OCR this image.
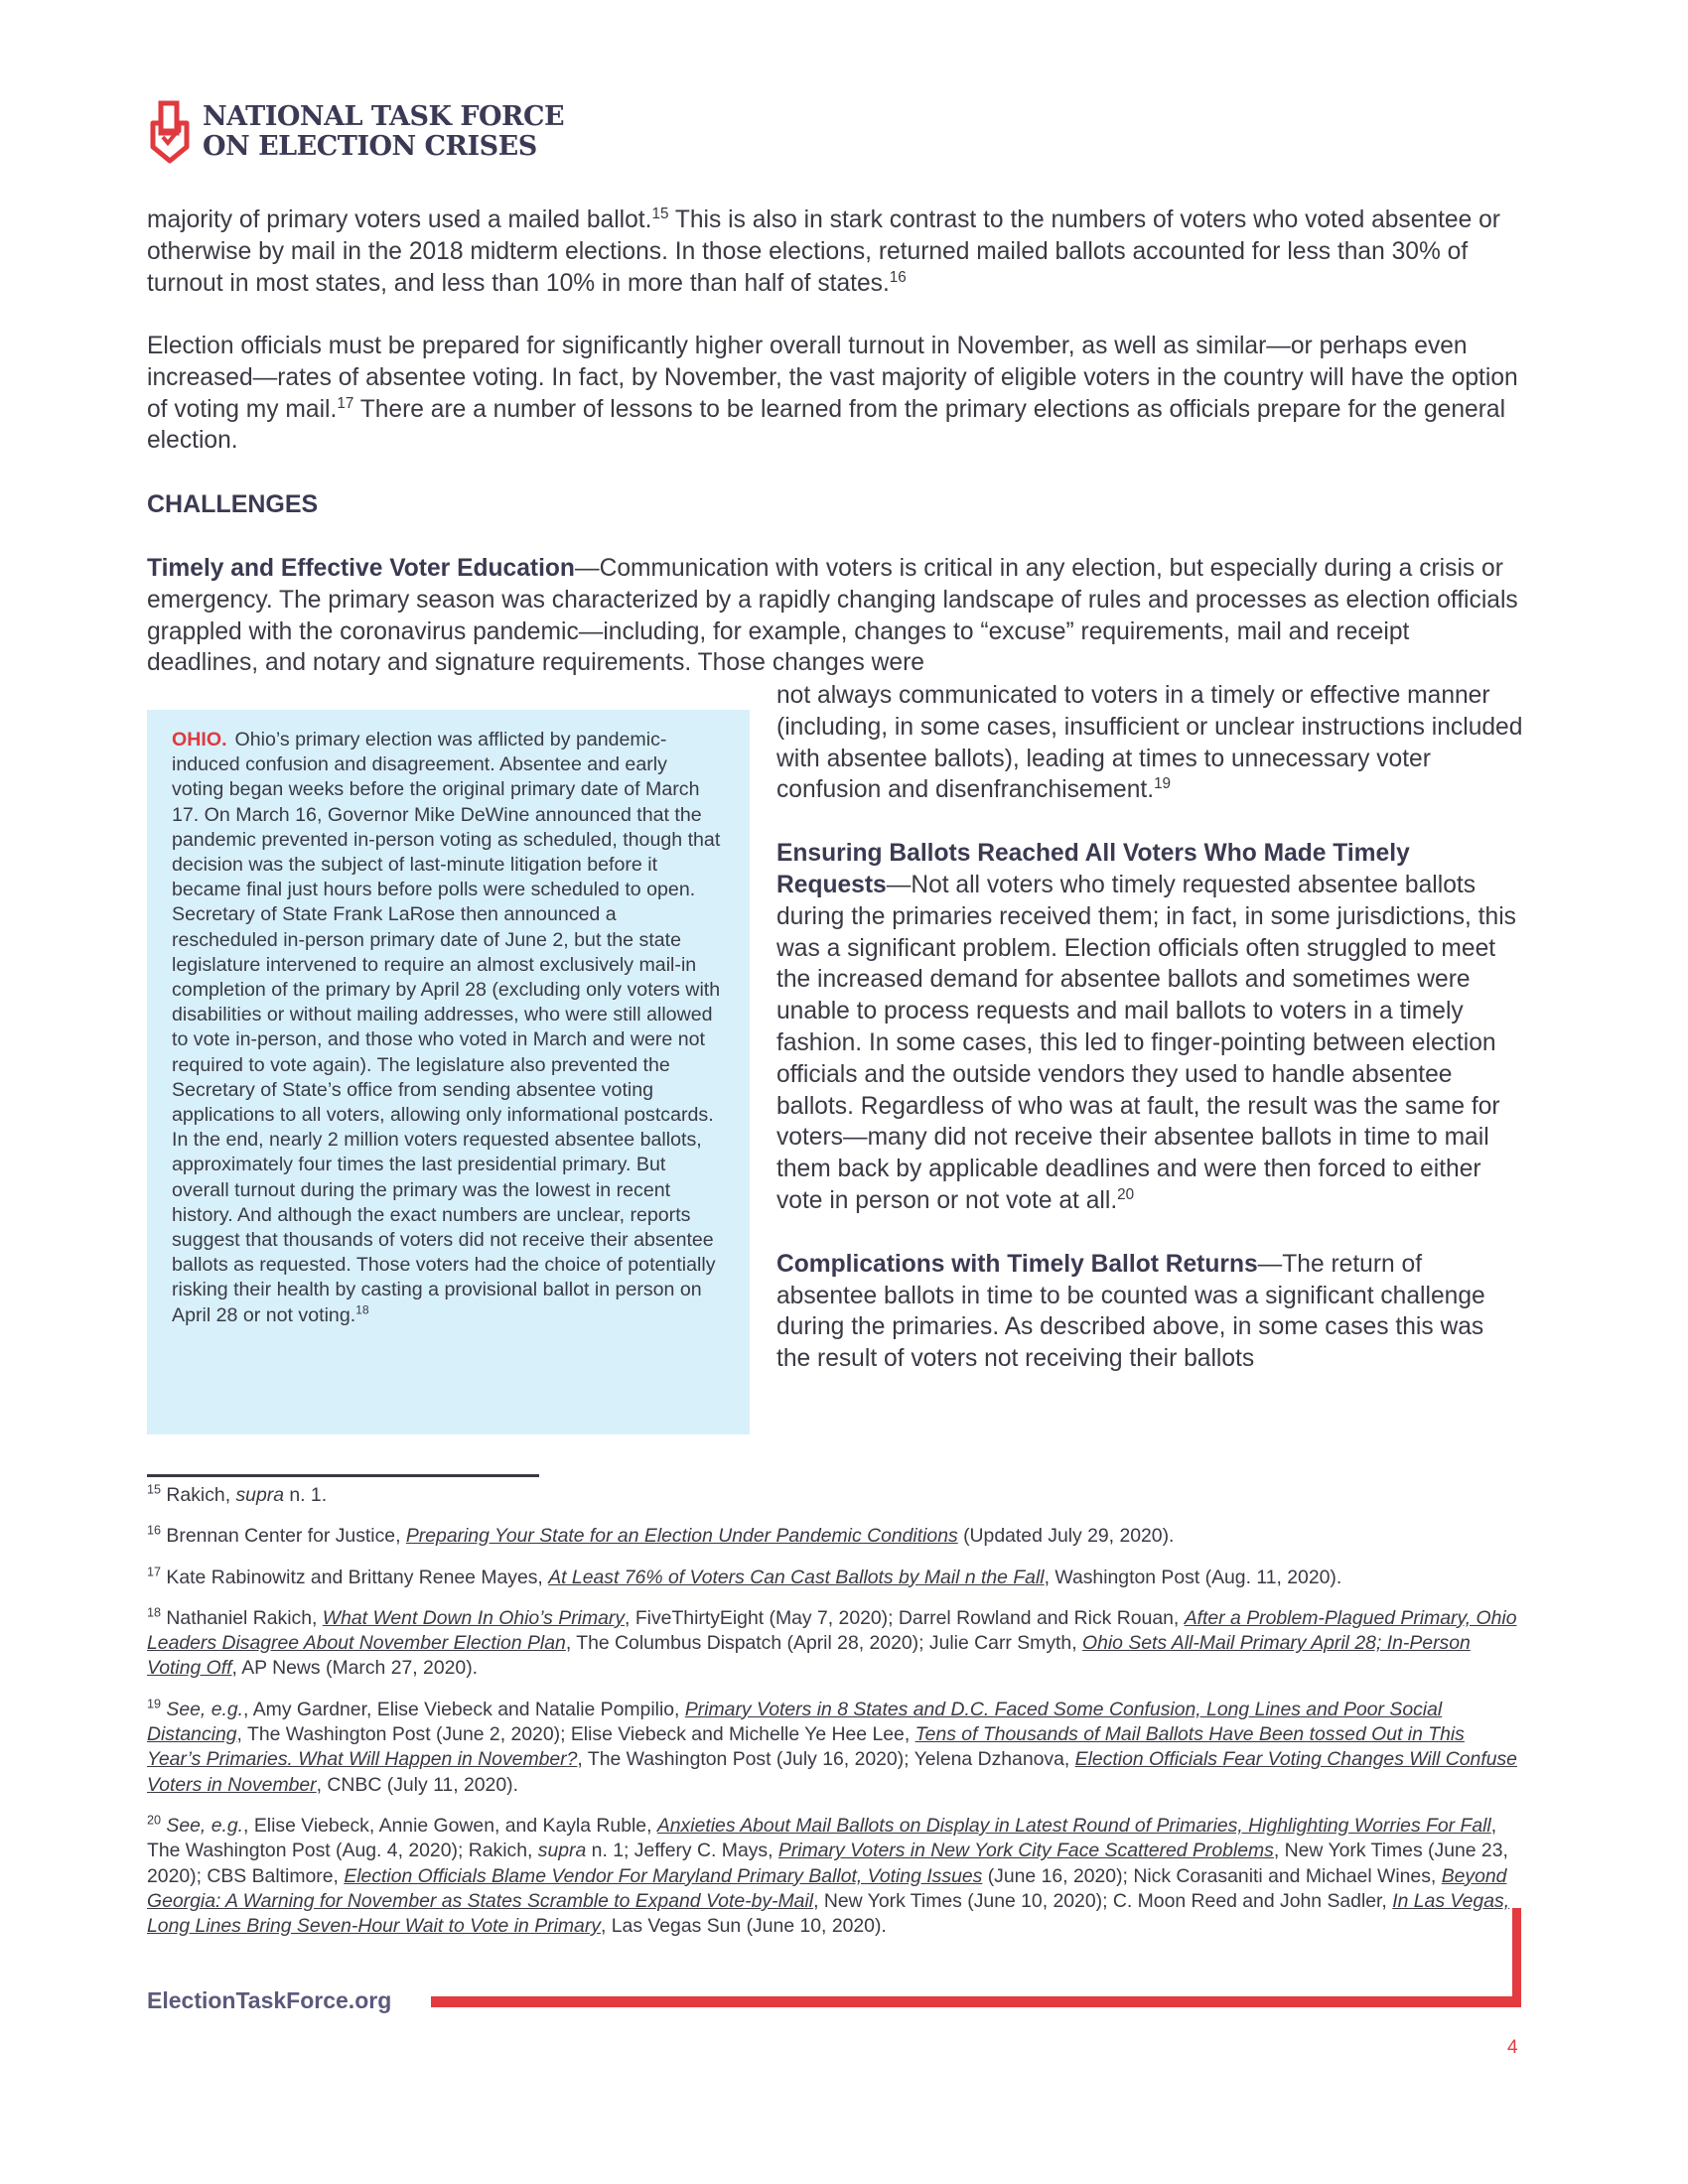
NATIONAL TASK FORCE
ON ELECTION CRISES

majority of primary voters used a mailed ballot.$^{15}$ This is also in stark contrast to the numbers of voters who voted absentee or otherwise by mail in the 2018 midterm elections. In those elections, returned mailed ballots accounted for less than 30% of turnout in most states, and less than 10% in more than half of states.$^{16}$

Election officials must be prepared for significantly higher overall turnout in November, as well as similar—or perhaps even increased—rates of absentee voting. In fact, by November, the vast majority of eligible voters in the country will have the option of voting my mail.$^{17}$ There are a number of lessons to be learned from the primary elections as officials prepare for the general election.

CHALLENGES

Timely and Effective Voter Education—Communication with voters is critical in any election, but especially during a crisis or emergency. The primary season was characterized by a rapidly changing landscape of rules and processes as election officials grappled with the coronavirus pandemic—including, for example, changes to “excuse” requirements, mail and receipt deadlines, and notary and signature requirements. Those changes were

OHIO. Ohio’s primary election was afflicted by pandemic-induced confusion and disagreement. Absentee and early voting began weeks before the original primary date of March 17. On March 16, Governor Mike DeWine announced that the pandemic prevented in-person voting as scheduled, though that decision was the subject of last-minute litigation before it became final just hours before polls were scheduled to open. Secretary of State Frank LaRose then announced a rescheduled in-person primary date of June 2, but the state legislature intervened to require an almost exclusively mail-in completion of the primary by April 28 (excluding only voters with disabilities or without mailing addresses, who were still allowed to vote in-person, and those who voted in March and were not required to vote again). The legislature also prevented the Secretary of State’s office from sending absentee voting applications to all voters, allowing only informational postcards. In the end, nearly 2 million voters requested absentee ballots, approximately four times the last presidential primary. But overall turnout during the primary was the lowest in recent history. And although the exact numbers are unclear, reports suggest that thousands of voters did not receive their absentee ballots as requested. Those voters had the choice of potentially risking their health by casting a provisional ballot in person on April 28 or not voting.$^{18}$

not always communicated to voters in a timely or effective manner (including, in some cases, insufficient or unclear instructions included with absentee ballots), leading at times to unnecessary voter confusion and disenfranchisement.$^{19}$

Ensuring Ballots Reached All Voters Who Made Timely Requests—Not all voters who timely requested absentee ballots during the primaries received them; in fact, in some jurisdictions, this was a significant problem. Election officials often struggled to meet the increased demand for absentee ballots and sometimes were unable to process requests and mail ballots to voters in a timely fashion. In some cases, this led to finger-pointing between election officials and the outside vendors they used to handle absentee ballots. Regardless of who was at fault, the result was the same for voters—many did not receive their absentee ballots in time to mail them back by applicable deadlines and were then forced to either vote in person or not vote at all.$^{20}$

Complications with Timely Ballot Returns—The return of absentee ballots in time to be counted was a significant challenge during the primaries. As described above, in some cases this was the result of voters not receiving their ballots

$^{15}$ Rakich, supra n. 1.

$^{16}$ Brennan Center for Justice, Preparing Your State for an Election Under Pandemic Conditions (Updated July 29, 2020).

$^{17}$ Kate Rabinowitz and Brittany Renee Mayes, At Least 76% of Voters Can Cast Ballots by Mail n the Fall, Washington Post (Aug. 11, 2020).

$^{18}$ Nathaniel Rakich, What Went Down In Ohio’s Primary, FiveThirtyEight (May 7, 2020); Darrel Rowland and Rick Rouan, After a Problem-Plagued Primary, Ohio Leaders Disagree About November Election Plan, The Columbus Dispatch (April 28, 2020); Julie Carr Smyth, Ohio Sets All-Mail Primary April 28; In-Person Voting Off, AP News (March 27, 2020).

$^{19}$ See, e.g., Amy Gardner, Elise Viebeck and Natalie Pompilio, Primary Voters in 8 States and D.C. Faced Some Confusion, Long Lines and Poor Social Distancing, The Washington Post (June 2, 2020); Elise Viebeck and Michelle Ye Hee Lee, Tens of Thousands of Mail Ballots Have Been tossed Out in This Year’s Primaries. What Will Happen in November?, The Washington Post (July 16, 2020); Yelena Dzhanova, Election Officials Fear Voting Changes Will Confuse Voters in November, CNBC (July 11, 2020).

$^{20}$ See, e.g., Elise Viebeck, Annie Gowen, and Kayla Ruble, Anxieties About Mail Ballots on Display in Latest Round of Primaries, Highlighting Worries For Fall, The Washington Post (Aug. 4, 2020); Rakich, supra n. 1; Jeffery C. Mays, Primary Voters in New York City Face Scattered Problems, New York Times (June 23, 2020); CBS Baltimore, Election Officials Blame Vendor For Maryland Primary Ballot, Voting Issues (June 16, 2020); Nick Corasaniti and Michael Wines, Beyond Georgia: A Warning for November as States Scramble to Expand Vote-by-Mail, New York Times (June 10, 2020); C. Moon Reed and John Sadler, In Las Vegas, Long Lines Bring Seven-Hour Wait to Vote in Primary, Las Vegas Sun (June 10, 2020).

ElectionTaskForce.org
4
